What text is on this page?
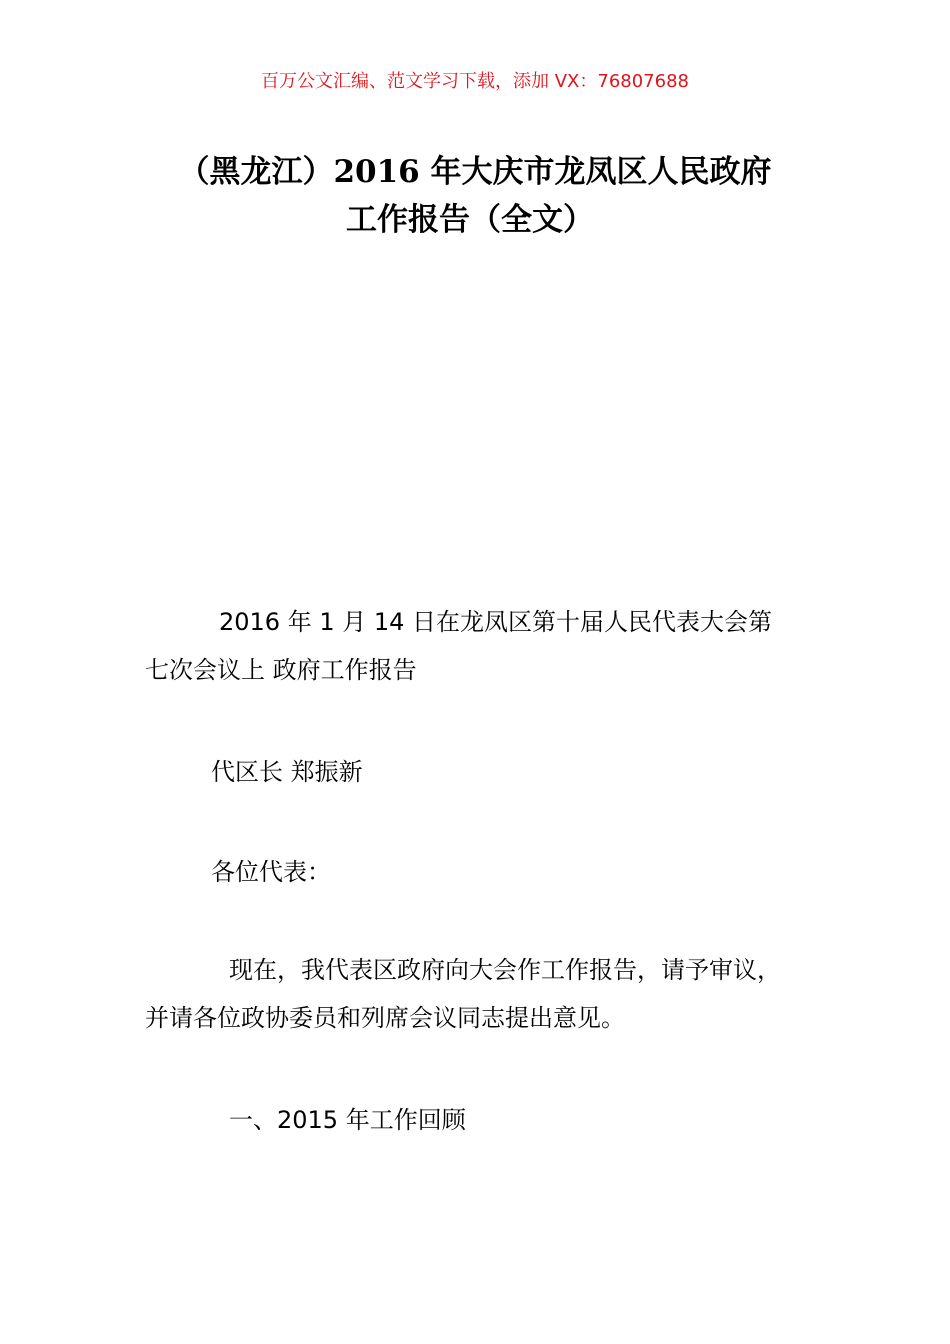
百万公文汇编、范文学习下载，添加 VX：76807688
（黑龙江）2016 年大庆市龙凤区人民政府
工作报告（全文）
2016 年 1 月 14 日在龙凤区第十届人民代表大会第
七次会议上 政府工作报告
代区长 郑振新
各位代表：
现在，我代表区政府向大会作工作报告，请予审议，
并请各位政协委员和列席会议同志提出意见。
一、2015 年工作回顾
